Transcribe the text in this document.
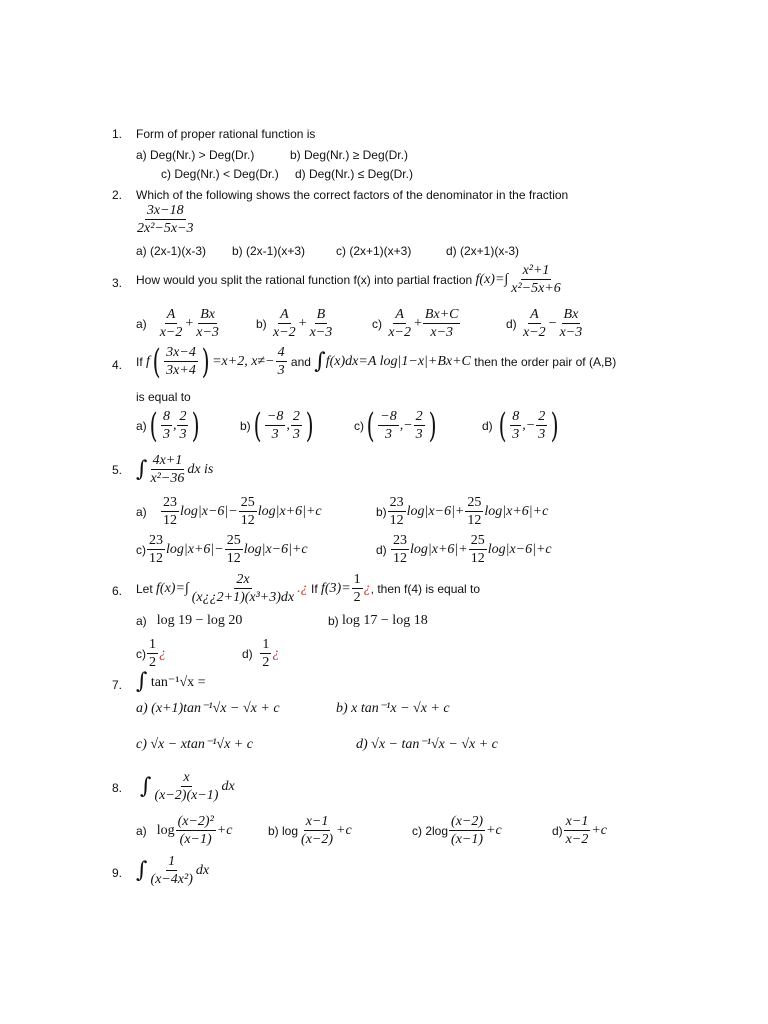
1. Form of proper rational function is
a) Deg(Nr.) > Deg(Dr.)	b) Deg(Nr.) ≥ Deg(Dr.)
c) Deg(Nr.) < Deg(Dr.) d) Deg(Nr.) ≤ Deg(Dr.)
2. Which of the following shows the correct factors of the denominator in the fraction
$\frac{3x-18}{\text{2x²−5x−3}}$
a) (2x-1)(x-3) b) (2x-1)(x+3)	c) (2x+1)(x+3)	d) (2x+1)(x-3)
3. How would you split the rational function f(x) into partial fraction
$f(x)=\int \frac{\text{x²+1}}{\text{x²−5x+6}}$
a)
$\frac{A}{x-2} + \frac{Bx}{x-3}$	b)
$\frac{A}{x-2} + \frac{B}{x-3}$	c)
$\frac{A}{x-2} + \frac{Bx+C}{x-3}$	d)
$\frac{A}{x-2} - \frac{Bx}{x-3}$
4. If
f ( $\frac{3x-4}{3x+4}$ ) =x+2, $x\ne- \frac{4}{3}$
and
∫ f(x)dx=A log|1−x|+Bx+C
then the order pair of (A,B)
is equal to
a) ( $\frac{8}{3}$ , $\frac{2}{3}$ )	b) ( $\frac{-8}{3}$ , $\frac{2}{3}$ )	c) ( $\frac{-8}{3}$ ,− $\frac{2}{3}$ )	d)
( $\frac{8}{3}$ ,− $\frac{2}{3}$ )
5. ∫ $\frac{4x+1}{\text{x²−36}}$ dx is
a)
$\frac{23}{12} \log|x-6|- \frac{25}{12} \log|x+6|+c$	$b) \frac{23}{12} \log|x-6|+ \frac{25}{12} \log|x+6|+c$
$c) \frac{23}{12} \log|x+6|- \frac{25}{12} \log|x-6|+c$	d)
$\frac{23}{12} \log|x+6|+ \frac{25}{12} \log|x-6|+c$
6. Let
$f(x)=\int \frac{2x}{\text{(x¿¿2+1)(x³+3)dx}}$ .¿
If
$f(3)= \frac{1}{2}$ ¿ , then f(4) is equal to
a)
log 19 − log 20	b)
log 17 − log 18
$c) \frac{1}{2}$ ¿	d)
$\frac{1}{2}$ ¿
7. ∫
tan⁻¹√x =
a) (x+1)tan⁻¹√x − √x + c	b) x tan⁻¹x − √x + c
c) √x − xtan⁻¹√x + c	d) √x − tan⁻¹√x − √x + c
8. ∫ $\frac{x}{(x-2)(x-1)}$ dx
a)
$\log \frac{\text{(x−2)²}}{(x-1)} +c$	b) $\log \frac{x-1}{(x-2)} +c$	c) $2\log \frac{(x-2)}{(x-1)} +c$	$d) \frac{x-1}{x-2} +c$
9. ∫ $\frac{1}{\text{(x−4x²)}}$ dx
